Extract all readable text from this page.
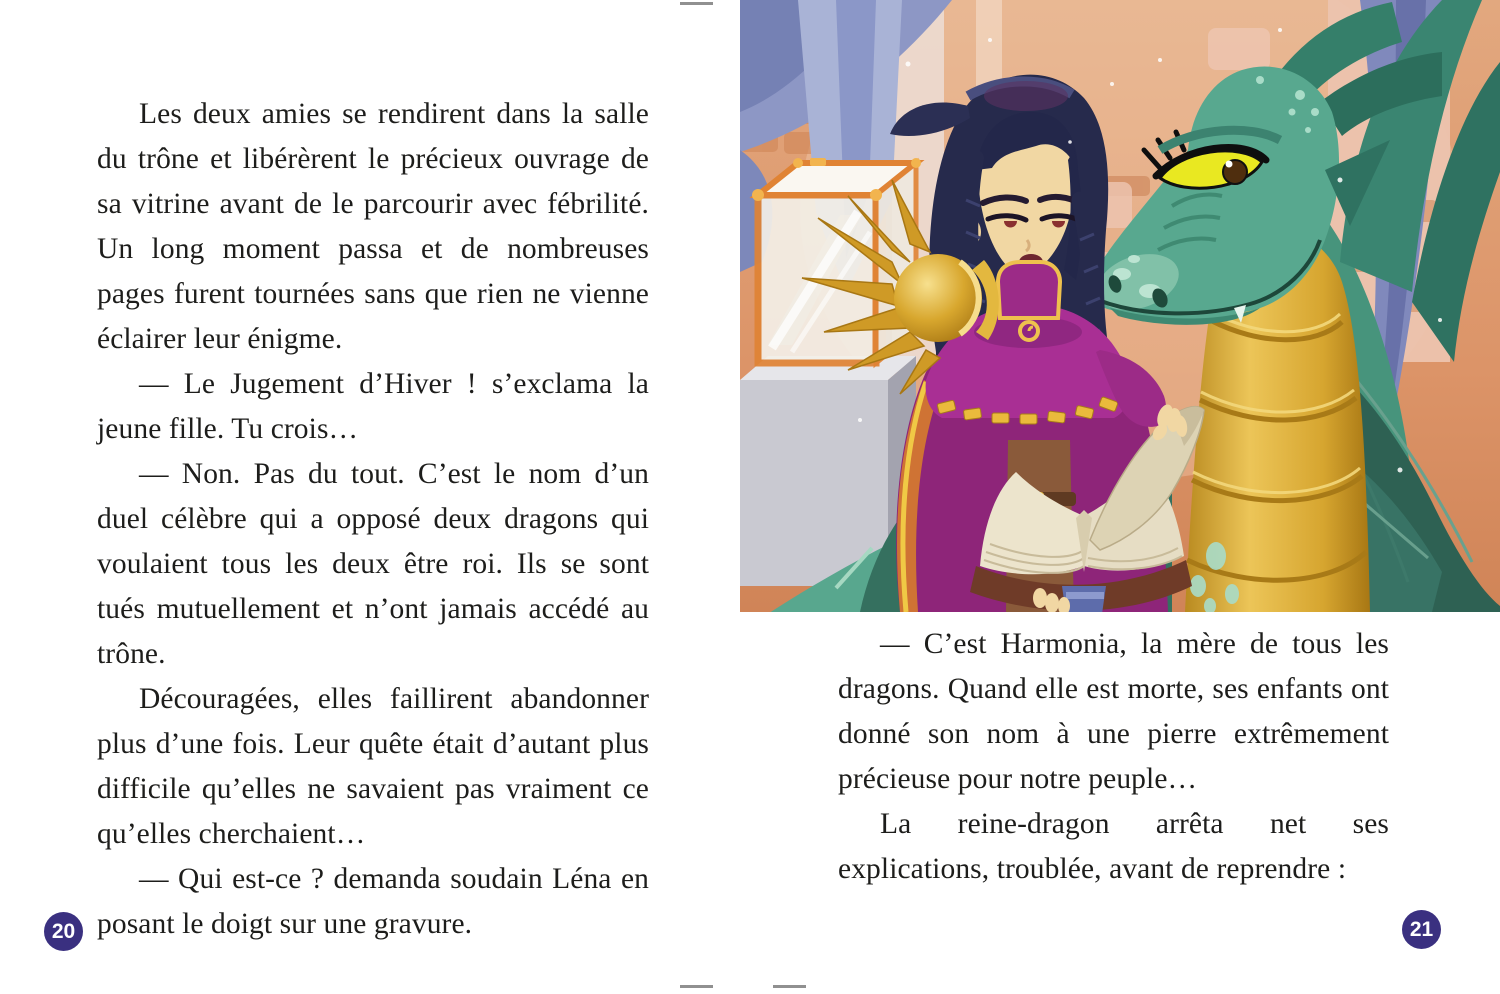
Les deux amies se rendirent dans la salle du trône et libérèrent le précieux ouvrage de sa vitrine avant de le parcourir avec fébrilité. Un long moment passa et de nombreuses pages furent tournées sans que rien ne vienne éclairer leur énigme.

— Le Jugement d’Hiver ! s’exclama la jeune fille. Tu crois…

— Non. Pas du tout. C’est le nom d’un duel célèbre qui a opposé deux dragons qui voulaient tous les deux être roi. Ils se sont tués mutuellement et n’ont jamais accédé au trône.

Découragées, elles faillirent abandonner plus d’une fois. Leur quête était d’autant plus difficile qu’elles ne savaient pas vraiment ce qu’elles cherchaient…

— Qui est-ce ? demanda soudain Léna en posant le doigt sur une gravure.

20

— C’est Harmonia, la mère de tous les dragons. Quand elle est morte, ses enfants ont donné son nom à une pierre extrêmement précieuse pour notre peuple…

La reine-dragon arrêta net ses explications, troublée, avant de reprendre :

21
